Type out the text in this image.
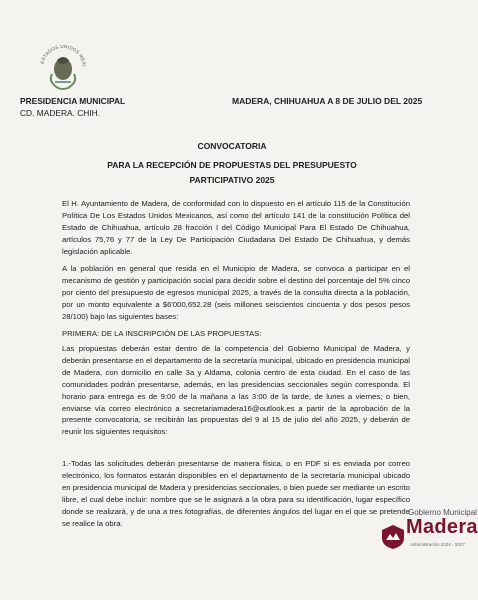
ESTADOS UNIDOS MEXI
PRESIDENCIA MUNICIPAL
CD. MADERA. CHIH.
MADERA, CHIHUAHUA A 8 DE JULIO DEL 2025
CONVOCATORIA
PARA LA RECEPCIÓN DE PROPUESTAS DEL PRESUPUESTO
PARTICIPATIVO 2025
El H. Ayuntamiento de Madera, de conformidad con lo dispuesto en el artículo 115 de la Constitución Política De Los Estados Unidos Mexicanos, así como del artículo 141 de la constitución Política del Estado de Chihuahua, artículo 28 fracción I del Código Municipal Para El Estado De Chihuahua, artículos 75,76 y 77 de la Ley De Participación Ciudadana Del Estado De Chihuahua, y demás legislación aplicable.
A la población en general que resida en el Municipio de Madera, se convoca a participar en el mecanismo de gestión y participación social para decidir sobre el destino del porcentaje del 5% cinco por ciento del presupuesto de egresos municipal 2025, a través de la consulta directa a la población, por un monto equivalente a $6'000,652.28 (seis millones seiscientos cincuenta y dos pesos pesos 28/100) bajo las siguientes bases:
PRIMERA: DE LA INSCRIPCIÓN DE LAS PROPUESTAS:
Las propuestas deberán estar dentro de la competencia del Gobierno Municipal de Madera, y deberán presentarse en el departamento de la secretaría municipal, ubicado en presidencia municipal de Madera, con domicilio en calle 3a y Aldama, colonia centro de esta ciudad. En el caso de las comunidades podrán presentarse, además, en las presidencias seccionales según corresponda. El horario para entrega es de 9:00 de la mañana a las 3:00 de la tarde, de lunes a viernes; o bien, enviarse vía correo electrónico a secretariamadera16@outlook.es a partir de la aprobación de la presente convocatoria, se recibirán las propuestas del 9 al 15 de julio del año 2025, y deberán de reunir los siguientes requisitos:
1.-Todas las solicitudes deberán presentarse de manera física, o en PDF si es enviada por correo electrónico, los formatos estarán disponibles en el departamento de la secretaría municipal ubicado en presidencia municipal de Madera y presidencias seccionales, o bien puede ser mediante un escrito libre, el cual debe incluir: nombre que se le asignará a la obra para su identificación, lugar específico donde se realizará, y de una a tres fotografías, de diferentes ángulos del lugar en el que se pretende se realice la obra.
Gobierno Municipal
Madera
Administración 2024 - 2027
